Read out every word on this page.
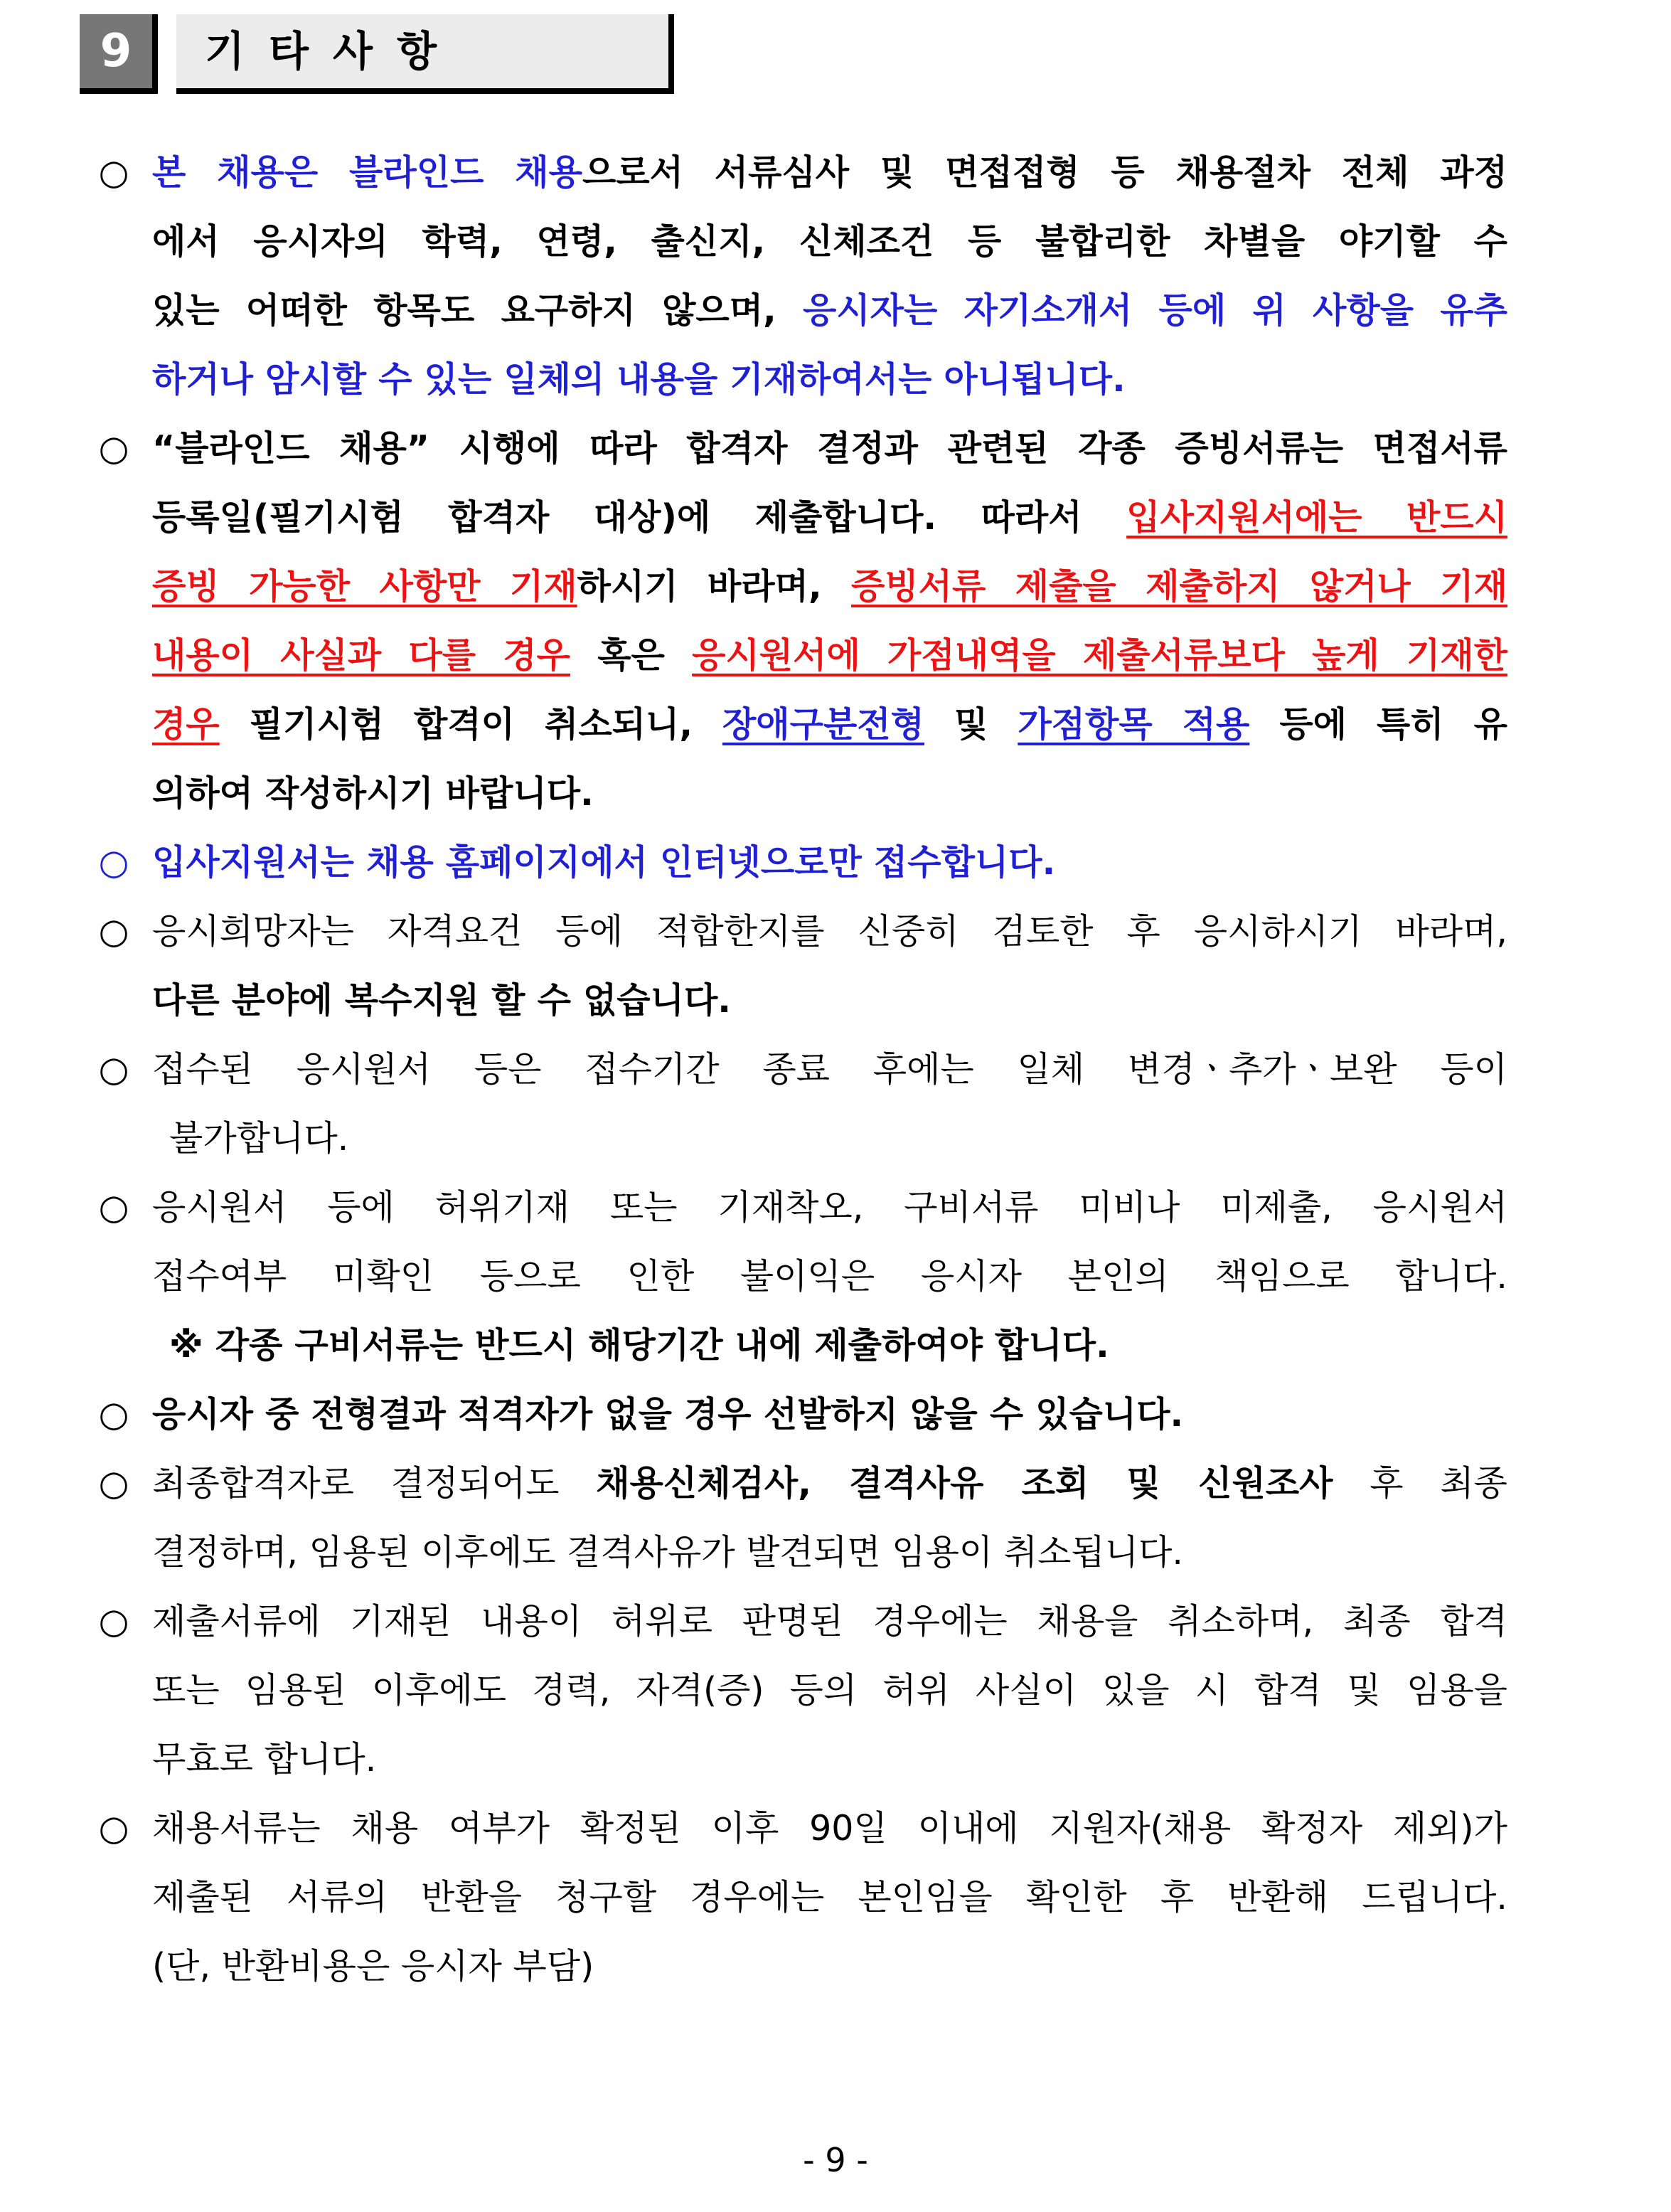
9	기타사항
○ 본 채용은 블라인드 채용으로서 서류심사 및 면접접형 등 채용절차 전체 과정
에서 응시자의 학력, 연령, 출신지, 신체조건 등 불합리한 차별을 야기할 수
있는 어떠한 항목도 요구하지 않으며, 응시자는 자기소개서 등에 위 사항을 유추
하거나 암시할 수 있는 일체의 내용을 기재하여서는 아니됩니다.
○ “블라인드 채용” 시행에 따라 합격자 결정과 관련된 각종 증빙서류는 면접서류
등록일(필기시험 합격자 대상)에 제출합니다. 따라서 입사지원서에는 반드시
증빙 가능한 사항만 기재하시기 바라며, 증빙서류 제출을 제출하지 않거나 기재
내용이 사실과 다를 경우 혹은 응시원서에 가점내역을 제출서류보다 높게 기재한
경우 필기시험 합격이 취소되니, 장애구분전형 및 가점항목 적용 등에 특히 유
의하여 작성하시기 바랍니다.
○ 입사지원서는 채용 홈페이지에서 인터넷으로만 접수합니다.
○ 응시희망자는 자격요건 등에 적합한지를 신중히 검토한 후 응시하시기 바라며,
다른 분야에 복수지원 할 수 없습니다.
○ 접수된 응시원서 등은 접수기간 종료 후에는 일체 변경ㆍ추가ㆍ보완 등이
불가합니다.
○ 응시원서 등에 허위기재 또는 기재착오, 구비서류 미비나 미제출, 응시원서
접수여부 미확인 등으로 인한 불이익은 응시자 본인의 책임으로 합니다.
※ 각종 구비서류는 반드시 해당기간 내에 제출하여야 합니다.
○ 응시자 중 전형결과 적격자가 없을 경우 선발하지 않을 수 있습니다.
○ 최종합격자로 결정되어도 채용신체검사, 결격사유 조회 및 신원조사 후 최종
결정하며, 임용된 이후에도 결격사유가 발견되면 임용이 취소됩니다.
○ 제출서류에 기재된 내용이 허위로 판명된 경우에는 채용을 취소하며, 최종 합격
또는 임용된 이후에도 경력, 자격(증) 등의 허위 사실이 있을 시 합격 및 임용을
무효로 합니다.
○ 채용서류는 채용 여부가 확정된 이후 90일 이내에 지원자(채용 확정자 제외)가
제출된 서류의 반환을 청구할 경우에는 본인임을 확인한 후 반환해 드립니다.
(단, 반환비용은 응시자 부담)
- 9 -
